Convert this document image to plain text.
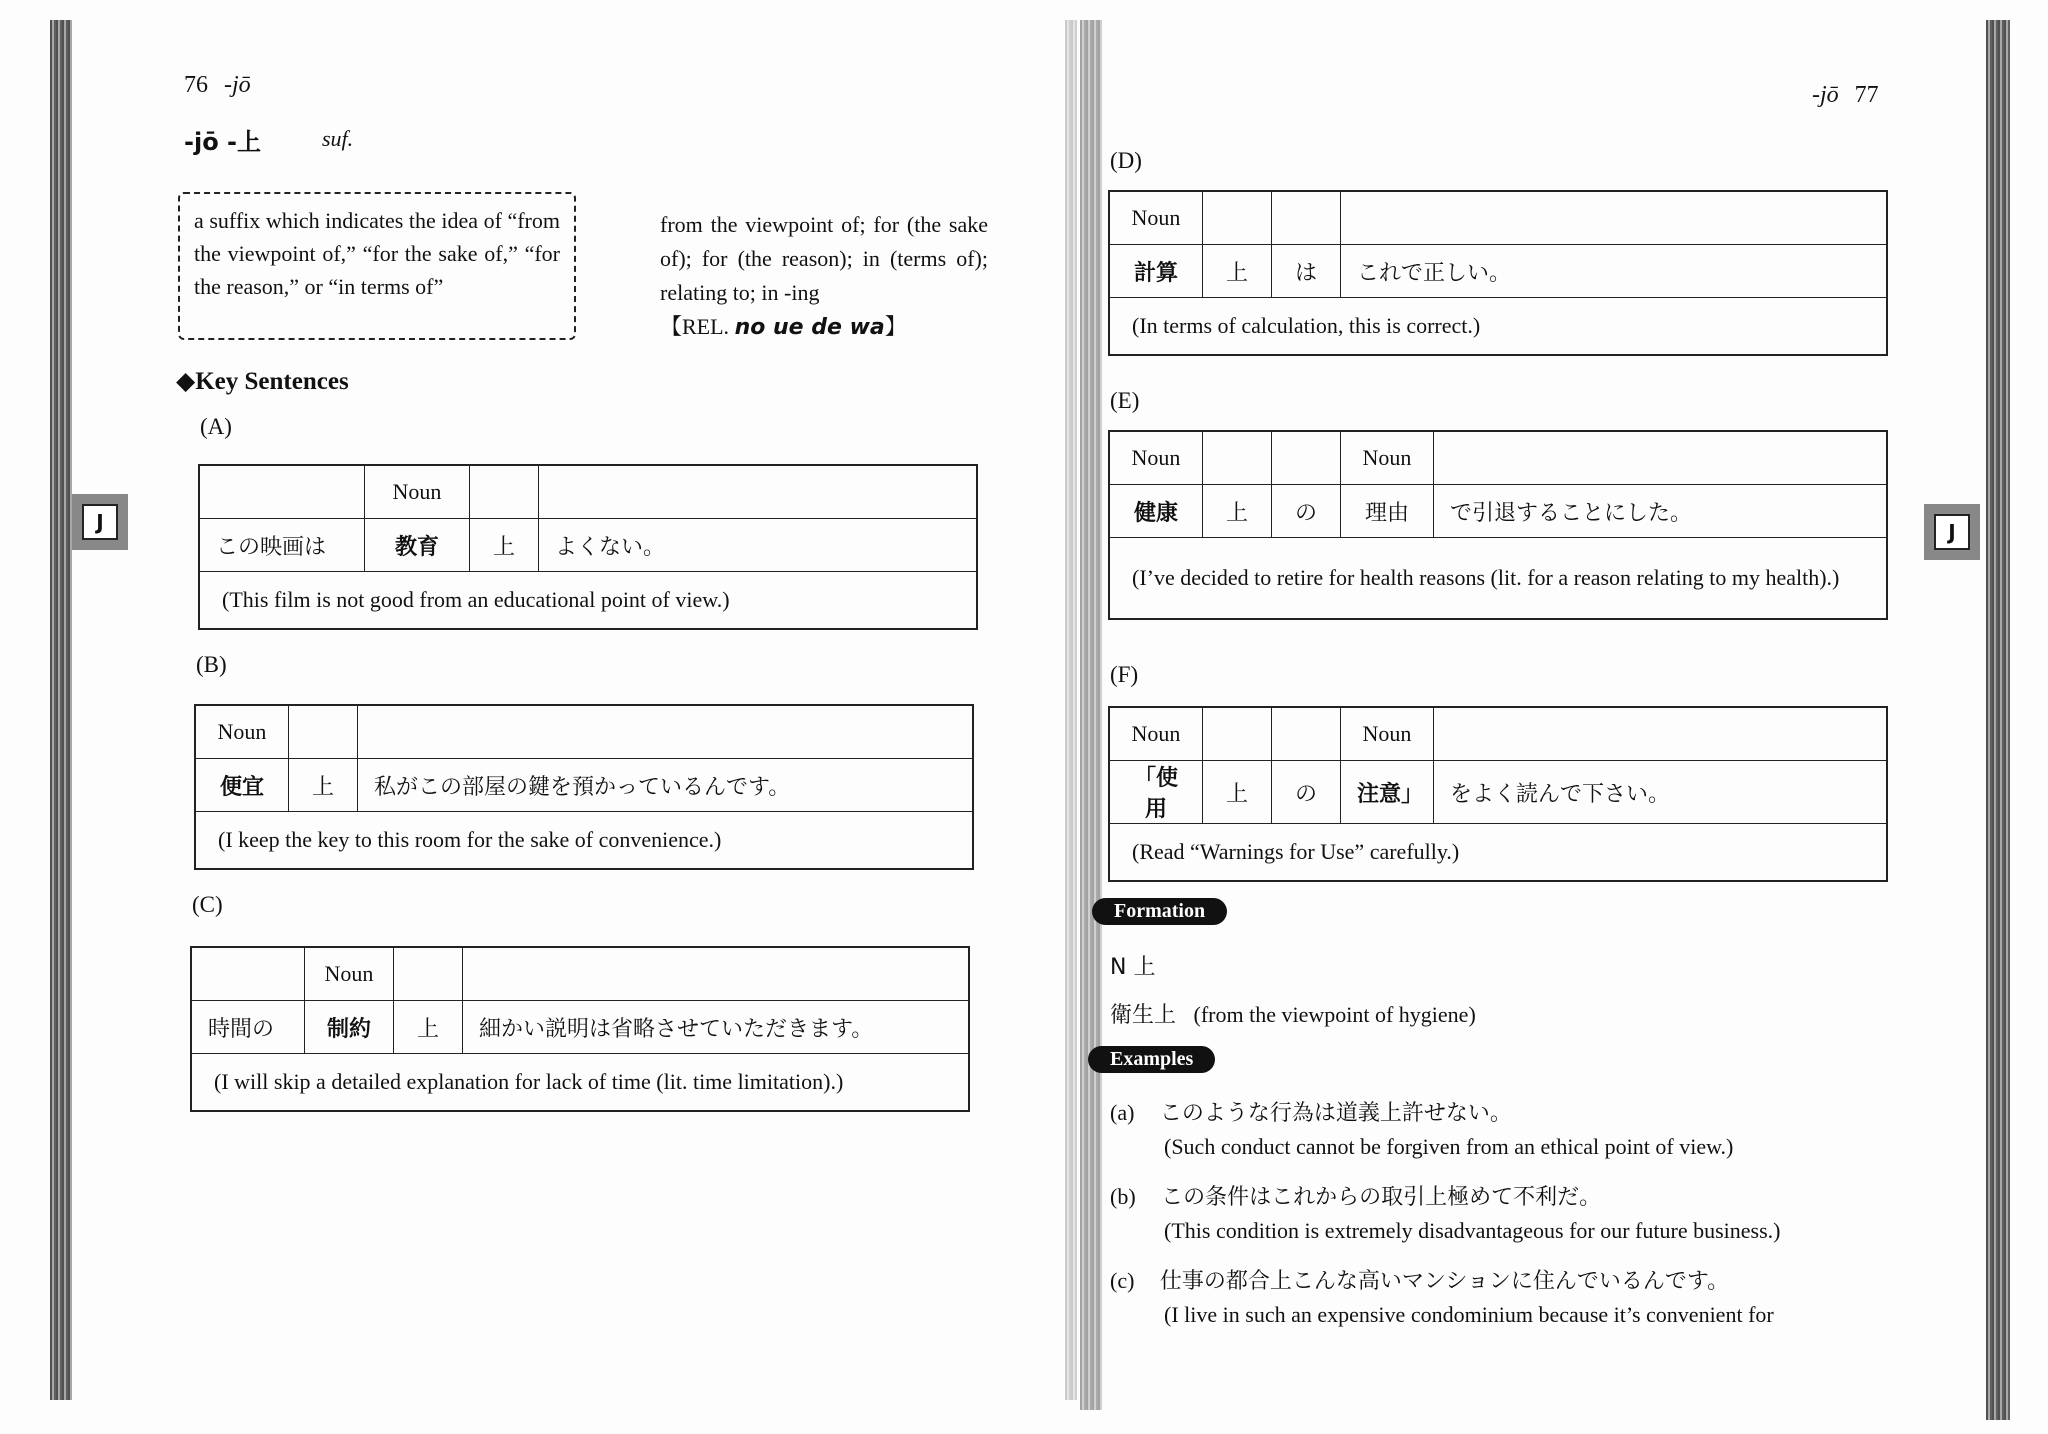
76 -jō
-jō -上	suf.
a suffix which indicates the idea of “from the viewpoint of,” “for the sake of,” “for the reason,” or “in terms of”
from the viewpoint of; for (the sake of); for (the reason); in (terms of); relating to; in -ing
【REL. no ue de wa】
◆Key Sentences
J
(A)
	Noun		
この映画は	教育	上	よくない。
(This film is not good from an educational point of view.)			
(B)
Noun		
便宜	上	私がこの部屋の鍵を預かっているんです。
(I keep the key to this room for the sake of convenience.)		
(C)
	Noun		
時間の	制約	上	細かい説明は省略させていただきます。
(I will skip a detailed explanation for lack of time (lit. time limitation).)			
-jō 77
J
(D)
Noun			
計算	上	は	これで正しい。
(In terms of calculation, this is correct.)			
(E)
Noun			Noun	
健康	上	の	理由	で引退することにした。
(I’ve decided to retire for health reasons (lit. for a reason relating to my health).)				
(F)
Noun			Noun	
「使用	上	の	注意」	をよく読んで下さい。
(Read “Warnings for Use” carefully.)				
Formation
N 上
衛生上 (from the viewpoint of hygiene)
Examples
(a) このような行為は道義上許せない。
(Such conduct cannot be forgiven from an ethical point of view.)
(b) この条件はこれからの取引上極めて不利だ。
(This condition is extremely disadvantageous for our future business.)
(c) 仕事の都合上こんな高いマンションに住んでいるんです。
(I live in such an expensive condominium because it’s convenient for
